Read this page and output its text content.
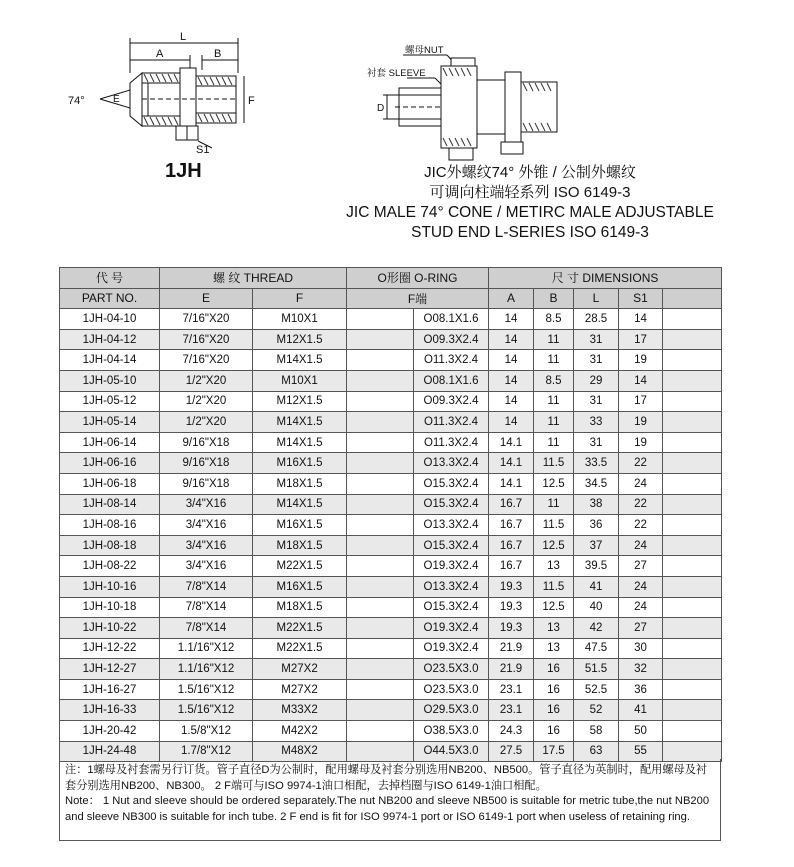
L
A	B
74°	E	F
S1
1JH
螺母NUT
衬套 SLEEVE
D
JIC外螺纹74° 外锥 / 公制外螺纹
可调向柱端轻系列 ISO 6149-3
JIC MALE 74° CONE / METIRC MALE ADJUSTABLE
STUD END L-SERIES ISO 6149-3
代 号	螺 纹 THREAD		O形圈 O-RING		尺 寸 DIMENSIONS				
PART NO.	E	F	F端		A	B	L	S1	
1JH-04-10	7/16"X20	M10X1		O08.1X1.6	14	8.5	28.5	14	
1JH-04-12	7/16"X20	M12X1.5		O09.3X2.4	14	11	31	17	
1JH-04-14	7/16"X20	M14X1.5		O11.3X2.4	14	11	31	19	
1JH-05-10	1/2"X20	M10X1		O08.1X1.6	14	8.5	29	14	
1JH-05-12	1/2"X20	M12X1.5		O09.3X2.4	14	11	31	17	
1JH-05-14	1/2"X20	M14X1.5		O11.3X2.4	14	11	33	19	
1JH-06-14	9/16"X18	M14X1.5		O11.3X2.4	14.1	11	31	19	
1JH-06-16	9/16"X18	M16X1.5		O13.3X2.4	14.1	11.5	33.5	22	
1JH-06-18	9/16"X18	M18X1.5		O15.3X2.4	14.1	12.5	34.5	24	
1JH-08-14	3/4"X16	M14X1.5		O15.3X2.4	16.7	11	38	22	
1JH-08-16	3/4"X16	M16X1.5		O13.3X2.4	16.7	11.5	36	22	
1JH-08-18	3/4"X16	M18X1.5		O15.3X2.4	16.7	12.5	37	24	
1JH-08-22	3/4"X16	M22X1.5		O19.3X2.4	16.7	13	39.5	27	
1JH-10-16	7/8"X14	M16X1.5		O13.3X2.4	19.3	11.5	41	24	
1JH-10-18	7/8"X14	M18X1.5		O15.3X2.4	19.3	12.5	40	24	
1JH-10-22	7/8"X14	M22X1.5		O19.3X2.4	19.3	13	42	27	
1JH-12-22	1.1/16"X12	M22X1.5		O19.3X2.4	21.9	13	47.5	30	
1JH-12-27	1.1/16"X12	M27X2		O23.5X3.0	21.9	16	51.5	32	
1JH-16-27	1.5/16"X12	M27X2		O23.5X3.0	23.1	16	52.5	36	
1JH-16-33	1.5/16"X12	M33X2		O29.5X3.0	23.1	16	52	41	
1JH-20-42	1.5/8"X12	M42X2		O38.5X3.0	24.3	16	58	50	
1JH-24-48	1.7/8"X12	M48X2		O44.5X3.0	27.5	17.5	63	55	

注：1螺母及衬套需另行订货。管子直径D为公制时，配用螺母及衬套分别选用NB200、NB500。管子直径为英制时，配用螺母及衬套分别选用NB200、NB300。 2 F端可与ISO 9974-1油口相配，去掉档圈与ISO 6149-1油口相配。

Note： 1 Nut and sleeve should be ordered separately.The nut NB200 and sleeve NB500 is suitable for metric tube,the nut NB200 and sleeve NB300 is suitable for inch tube. 2 F end is fit for ISO 9974-1 port or ISO 6149-1 port when useless of retaining ring.
